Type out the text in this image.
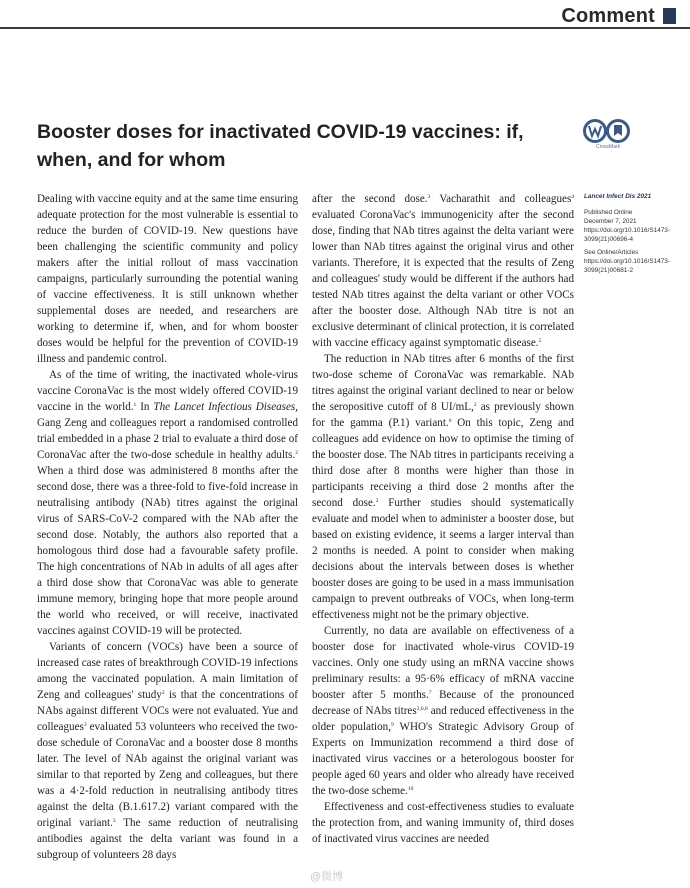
Comment
Booster doses for inactivated COVID-19 vaccines: if, when, and for whom
CrossMark

Dealing with vaccine equity and at the same time ensuring adequate protection for the most vulnerable is essential to reduce the burden of COVID-19. New questions have been challenging the scientific community and policy makers after the initial rollout of mass vaccination campaigns, particularly surrounding the potential waning of vaccine effectiveness. It is still unknown whether supplemental doses are needed, and researchers are working to determine if, when, and for whom booster doses would be helpful for the prevention of COVID-19 illness and pandemic control.

As of the time of writing, the inactivated whole-virus vaccine CoronaVac is the most widely offered COVID-19 vaccine in the world.$^1$ In The Lancet Infectious Diseases, Gang Zeng and colleagues report a randomised controlled trial embedded in a phase 2 trial to evaluate a third dose of CoronaVac after the two-dose schedule in healthy adults.$^2$ When a third dose was administered 8 months after the second dose, there was a three-fold to five-fold increase in neutralising antibody (NAb) titres against the original virus of SARS-CoV-2 compared with the NAb after the second dose. Notably, the authors also reported that a homologous third dose had a favourable safety profile. The high concentrations of NAb in adults of all ages after a third dose show that CoronaVac was able to generate immune memory, bringing hope that more people around the world who received, or will receive, inactivated vaccines against COVID-19 will be protected.

Variants of concern (VOCs) have been a source of increased case rates of breakthrough COVID-19 infections among the vaccinated population. A main limitation of Zeng and colleagues' study$^2$ is that the concentrations of NAbs against different VOCs were not evaluated. Yue and colleagues$^3$ evaluated 53 volunteers who received the two-dose schedule of CoronaVac and a booster dose 8 months later. The level of NAb against the original variant was similar to that reported by Zeng and colleagues, but there was a 4·2-fold reduction in neutralising antibody titres against the delta (B.1.617.2) variant compared with the original variant.$^3$ The same reduction of neutralising antibodies against the delta variant was found in a subgroup of volunteers 28 days

after the second dose.$^3$ Vacharathit and colleagues$^4$ evaluated CoronaVac's immunogenicity after the second dose, finding that NAb titres against the delta variant were lower than NAb titres against the original virus and other variants. Therefore, it is expected that the results of Zeng and colleagues' study would be different if the authors had tested NAb titres against the delta variant or other VOCs after the booster dose. Although NAb titre is not an exclusive determinant of clinical protection, it is correlated with vaccine efficacy against symptomatic disease.$^5$

The reduction in NAb titres after 6 months of the first two-dose scheme of CoronaVac was remarkable. NAb titres against the original variant declined to near or below the seropositive cutoff of 8 UI/mL,$^2$ as previously shown for the gamma (P.1) variant.$^6$ On this topic, Zeng and colleagues add evidence on how to optimise the timing of the booster dose. The NAb titres in participants receiving a third dose after 8 months were higher than those in participants receiving a third dose 2 months after the second dose.$^2$ Further studies should systematically evaluate and model when to administer a booster dose, but based on existing evidence, it seems a larger interval than 2 months is needed. A point to consider when making decisions about the intervals between doses is whether booster doses are going to be used in a mass immunisation campaign to prevent outbreaks of VOCs, when long-term effectiveness might not be the primary objective.

Currently, no data are available on effectiveness of a booster dose for inactivated whole-virus COVID-19 vaccines. Only one study using an mRNA vaccine shows preliminary results: a 95·6% efficacy of mRNA vaccine booster after 5 months.$^7$ Because of the pronounced decrease of NAbs titres$^{2,6,8}$ and reduced effectiveness in the older population,$^9$ WHO's Strategic Advisory Group of Experts on Immunization recommend a third dose of inactivated virus vaccines or a heterologous booster for people aged 60 years and older who already have received the two-dose scheme.$^{10}$

Effectiveness and cost-effectiveness studies to evaluate the protection from, and waning immunity of, third doses of inactivated virus vaccines are needed

Lancet Infect Dis 2021
Published Online
December 7, 2021
https://doi.org/10.1016/S1473-3099(21)00696-4
See Online/Articles
https://doi.org/10.1016/S1473-3099(21)00681-2
@微博
